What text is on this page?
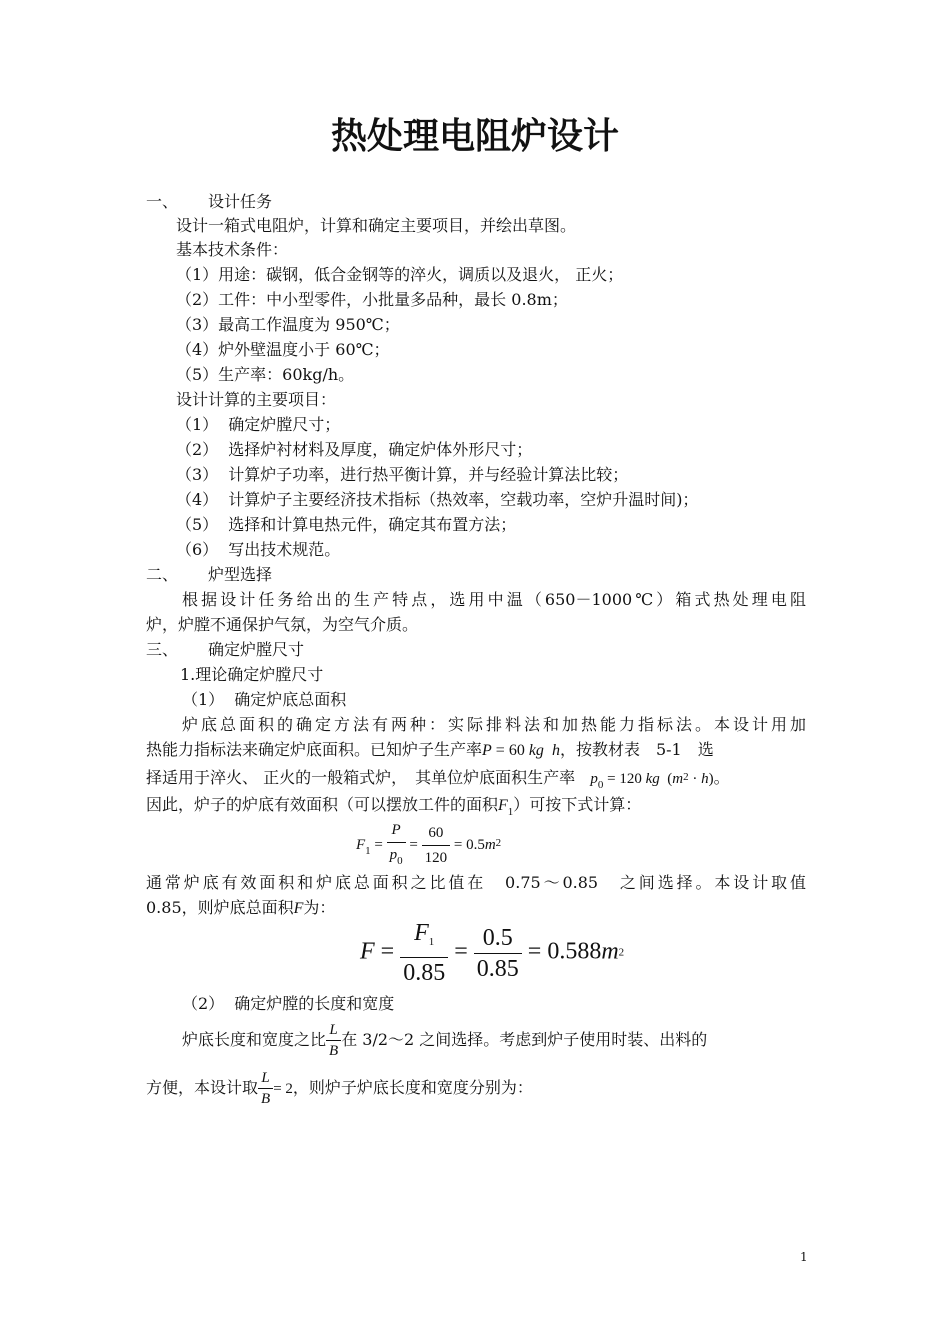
热处理电阻炉设计
一、 设计任务
设计一箱式电阻炉，计算和确定主要项目，并绘出草图。
基本技术条件：
（1）用途：碳钢，低合金钢等的淬火，调质以及退火， 正火；
（2）工件：中小型零件，小批量多品种，最长 0.8m；
（3）最高工作温度为 950℃；
（4）炉外壁温度小于 60℃；
（5）生产率：60kg/h。
设计计算的主要项目：
（1） 确定炉膛尺寸；
（2） 选择炉衬材料及厚度，确定炉体外形尺寸；
（3） 计算炉子功率，进行热平衡计算，并与经验计算法比较；
（4） 计算炉子主要经济技术指标（热效率，空载功率，空炉升温时间)；
（5） 选择和计算电热元件，确定其布置方法；
（6） 写出技术规范。
二、 炉型选择
根据设计任务给出的生产特点，选用中温（650－1000℃）箱式热处理电阻
炉，炉膛不通保护气氛，为空气介质。
三、 确定炉膛尺寸
1.理论确定炉膛尺寸
（1） 确定炉底总面积
炉底总面积的确定方法有两种：实际排料法和加热能力指标法。本设计用加
热能力指标法来确定炉底面积。已知炉子生产率P = 60 kg h，按教材表　5-1　选
择适用于淬火、 正火的一般箱式炉，　其单位炉底面积生产率 $p_0 = 120$ kg $(m^2 \cdot h)$。
因此，炉子的炉底有效面积（可以摆放工件的面积$F_1$）可按下式计算：
$F_1 = \frac{P}{p_0} = \frac{60}{120} = 0.5m^2$
通常炉底有效面积和炉底总面积之比值在　0.75～0.85　之间选择。本设计取值
0.85，则炉底总面积F为：
$F = \frac{F_1}{0.85} = \frac{0.5}{0.85} = 0.588m^2$
（2） 确定炉膛的长度和宽度
炉底长度和宽度之比 $\frac{L}{B}$ 在 3/2～2 之间选择。考虑到炉子使用时装、出料的
方便，本设计取 $\frac{L}{B} = 2$，则炉子炉底长度和宽度分别为：
1
